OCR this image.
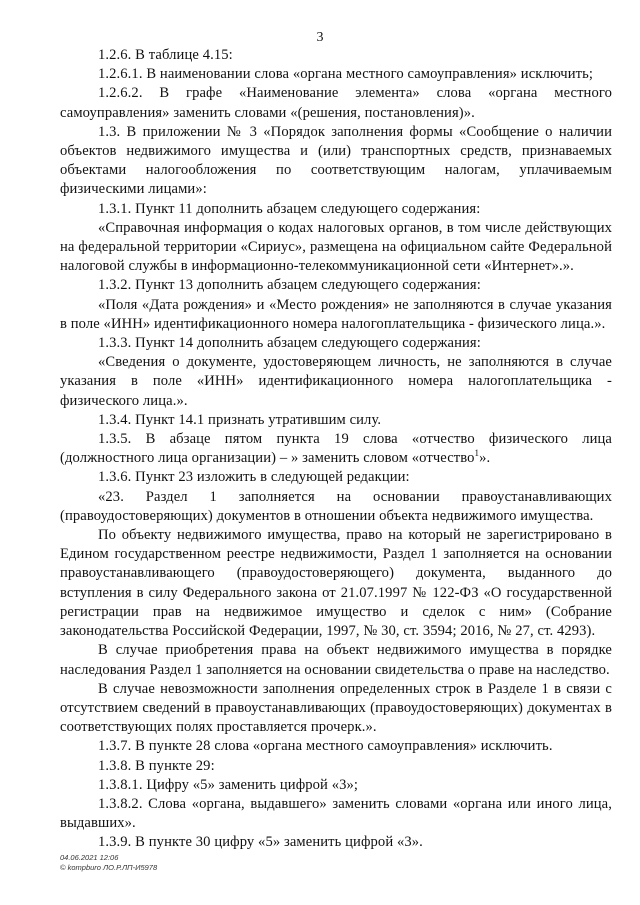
3

1.2.6. В таблице 4.15:

1.2.6.1. В наименовании слова «органа местного самоуправления» исключить;

1.2.6.2. В графе «Наименование элемента» слова «органа местного самоуправления» заменить словами «(решения, постановления)».

1.3. В приложении № 3 «Порядок заполнения формы «Сообщение о наличии объектов недвижимого имущества и (или) транспортных средств, признаваемых объектами налогообложения по соответствующим налогам, уплачиваемым физическими лицами»:

1.3.1. Пункт 11 дополнить абзацем следующего содержания:

«Справочная информация о кодах налоговых органов, в том числе действующих на федеральной территории «Сириус», размещена на официальном сайте Федеральной налоговой службы в информационно-телекоммуникационной сети «Интернет».».

1.3.2. Пункт 13 дополнить абзацем следующего содержания:

«Поля «Дата рождения» и «Место рождения» не заполняются в случае указания в поле «ИНН» идентификационного номера налогоплательщика - физического лица.».

1.3.3. Пункт 14 дополнить абзацем следующего содержания:

«Сведения о документе, удостоверяющем личность, не заполняются в случае указания в поле «ИНН» идентификационного номера налогоплательщика - физического лица.».

1.3.4. Пункт 14.1 признать утратившим силу.

1.3.5. В абзаце пятом пункта 19 слова «отчество физического лица (должностного лица организации) – » заменить словом «отчество$^1$».

1.3.6. Пункт 23 изложить в следующей редакции:

«23. Раздел 1 заполняется на основании правоустанавливающих (правоудостоверяющих) документов в отношении объекта недвижимого имущества.

По объекту недвижимого имущества, право на который не зарегистрировано в Едином государственном реестре недвижимости, Раздел 1 заполняется на основании правоустанавливающего (правоудостоверяющего) документа, выданного до вступления в силу Федерального закона от 21.07.1997 № 122-ФЗ «О государственной регистрации прав на недвижимое имущество и сделок с ним» (Собрание законодательства Российской Федерации, 1997, № 30, ст. 3594; 2016, № 27, ст. 4293).

В случае приобретения права на объект недвижимого имущества в порядке наследования Раздел 1 заполняется на основании свидетельства о праве на наследство.

В случае невозможности заполнения определенных строк в Разделе 1 в связи с отсутствием сведений в правоустанавливающих (правоудостоверяющих) документах в соответствующих полях проставляется прочерк.».

1.3.7. В пункте 28 слова «органа местного самоуправления» исключить.

1.3.8. В пункте 29:

1.3.8.1. Цифру «5» заменить цифрой «3»;

1.3.8.2. Слова «органа, выдавшего» заменить словами «органа или иного лица, выдавших».

1.3.9. В пункте 30 цифру «5» заменить цифрой «3».

04.06.2021 12:06
© kompburo ЛО.Р.ЛП-И5978
